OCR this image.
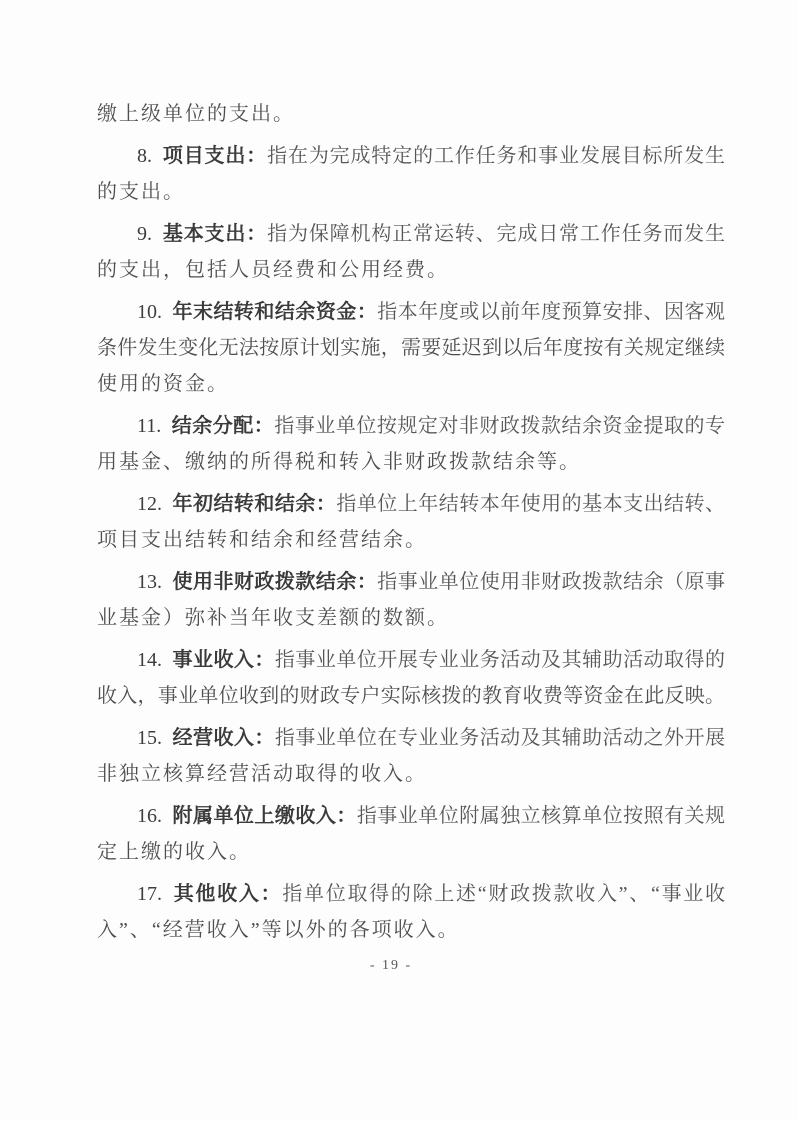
缴上级单位的支出。
8. 项目支出：指在为完成特定的工作任务和事业发展目标所发生
的支出。
9. 基本支出：指为保障机构正常运转、完成日常工作任务而发生
的支出，包括人员经费和公用经费。
10. 年末结转和结余资金：指本年度或以前年度预算安排、因客观
条件发生变化无法按原计划实施，需要延迟到以后年度按有关规定继续
使用的资金。
11. 结余分配：指事业单位按规定对非财政拨款结余资金提取的专
用基金、缴纳的所得税和转入非财政拨款结余等。
12. 年初结转和结余：指单位上年结转本年使用的基本支出结转、
项目支出结转和结余和经营结余。
13. 使用非财政拨款结余：指事业单位使用非财政拨款结余（原事
业基金）弥补当年收支差额的数额。
14. 事业收入：指事业单位开展专业业务活动及其辅助活动取得的
收入，事业单位收到的财政专户实际核拨的教育收费等资金在此反映。
15. 经营收入：指事业单位在专业业务活动及其辅助活动之外开展
非独立核算经营活动取得的收入。
16. 附属单位上缴收入：指事业单位附属独立核算单位按照有关规
定上缴的收入。
17. 其他收入：指单位取得的除上述“财政拨款收入”、“事业收
入”、“经营收入”等以外的各项收入。
- 19 -
